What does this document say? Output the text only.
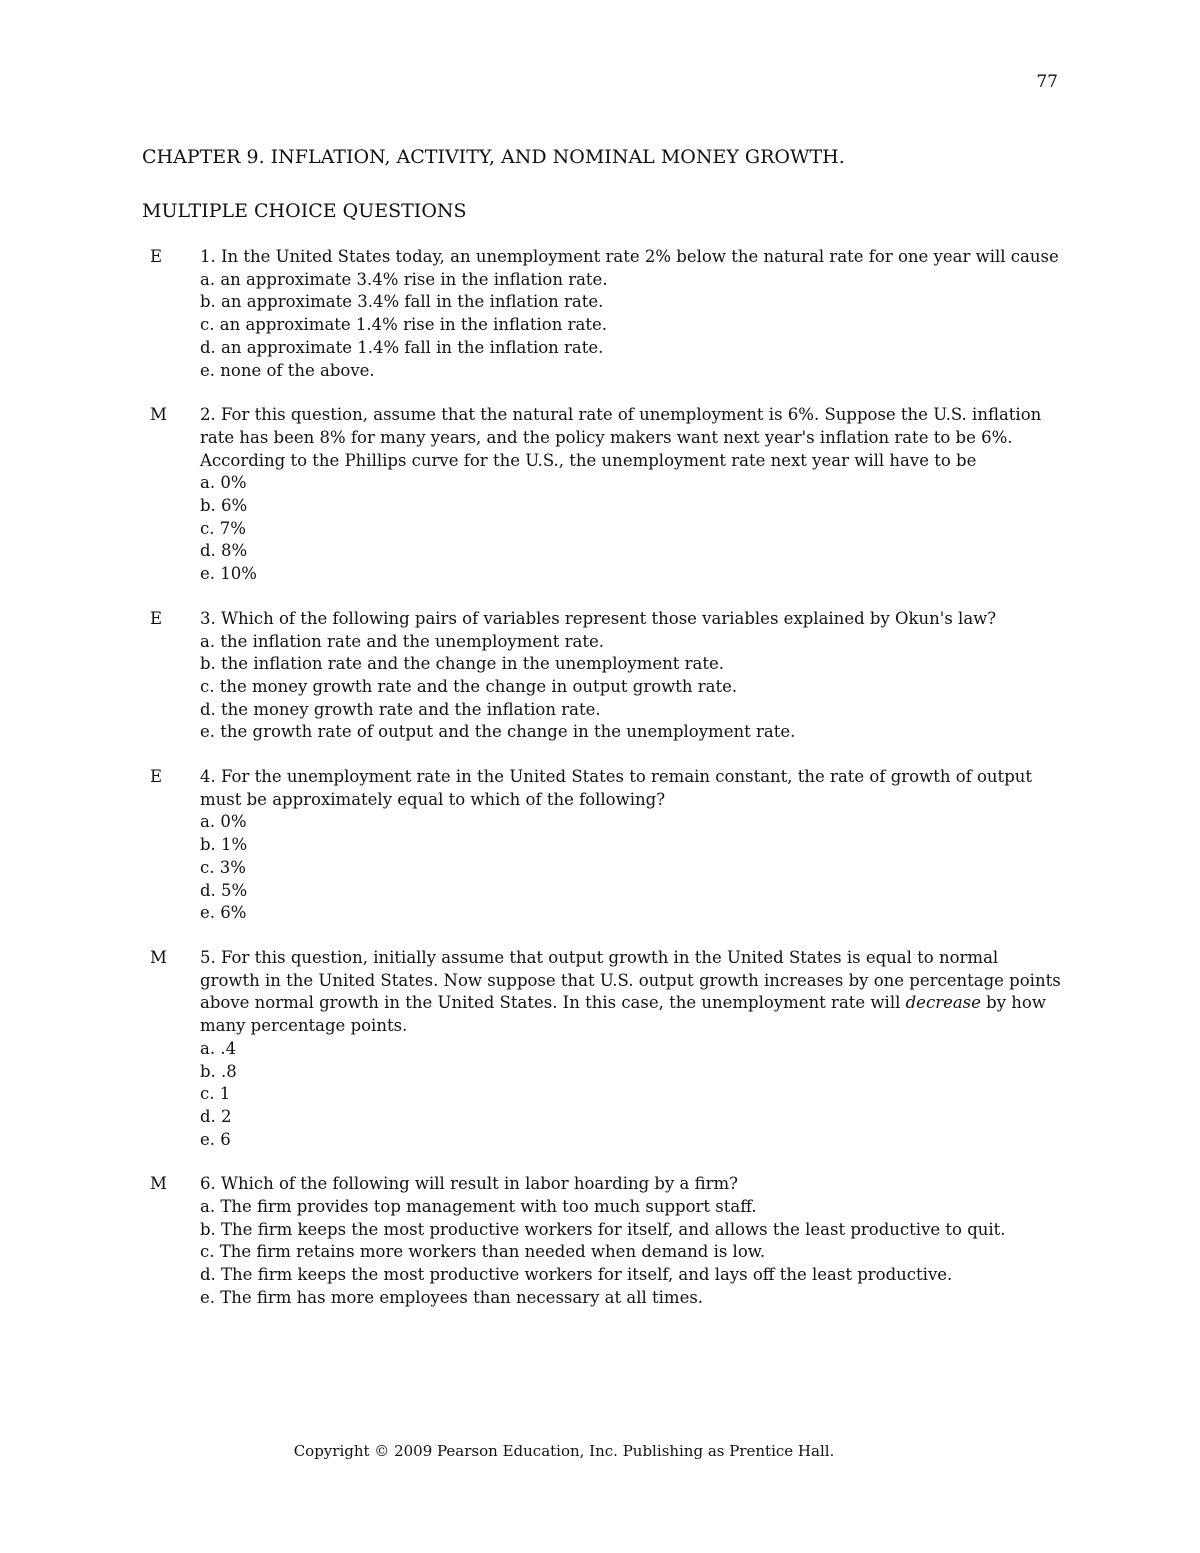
77
CHAPTER 9. INFLATION, ACTIVITY, AND NOMINAL MONEY GROWTH.
MULTIPLE CHOICE QUESTIONS
E 1. In the United States today, an unemployment rate 2% below the natural rate for one year will cause
a. an approximate 3.4% rise in the inflation rate.
b. an approximate 3.4% fall in the inflation rate.
c. an approximate 1.4% rise in the inflation rate.
d. an approximate 1.4% fall in the inflation rate.
e. none of the above.
M 2. For this question, assume that the natural rate of unemployment is 6%. Suppose the U.S. inflation rate has been 8% for many years, and the policy makers want next year's inflation rate to be 6%. According to the Phillips curve for the U.S., the unemployment rate next year will have to be
a. 0%
b. 6%
c. 7%
d. 8%
e. 10%
E 3. Which of the following pairs of variables represent those variables explained by Okun's law?
a. the inflation rate and the unemployment rate.
b. the inflation rate and the change in the unemployment rate.
c. the money growth rate and the change in output growth rate.
d. the money growth rate and the inflation rate.
e. the growth rate of output and the change in the unemployment rate.
E 4. For the unemployment rate in the United States to remain constant, the rate of growth of output must be approximately equal to which of the following?
a. 0%
b. 1%
c. 3%
d. 5%
e. 6%
M 5. For this question, initially assume that output growth in the United States is equal to normal growth in the United States. Now suppose that U.S. output growth increases by one percentage points above normal growth in the United States. In this case, the unemployment rate will decrease by how many percentage points.
a. .4
b. .8
c. 1
d. 2
e. 6
M 6. Which of the following will result in labor hoarding by a firm?
a. The firm provides top management with too much support staff.
b. The firm keeps the most productive workers for itself, and allows the least productive to quit.
c. The firm retains more workers than needed when demand is low.
d. The firm keeps the most productive workers for itself, and lays off the least productive.
e. The firm has more employees than necessary at all times.
Copyright © 2009 Pearson Education, Inc. Publishing as Prentice Hall.
